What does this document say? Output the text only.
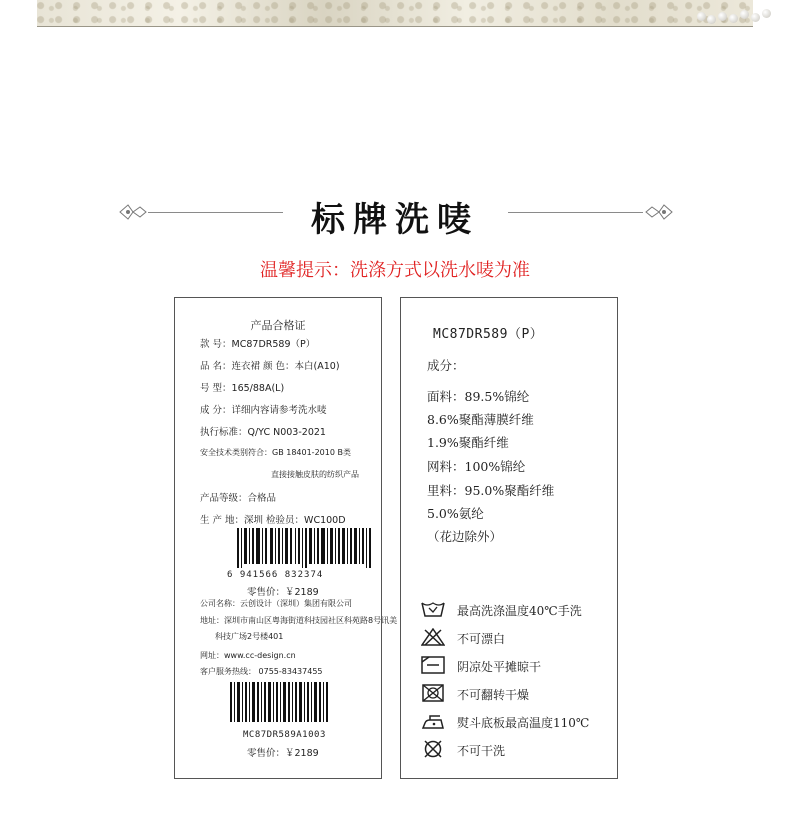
标牌洗唛
温馨提示：洗涤方式以洗水唛为准
产品合格证
款 号：MC87DR589（P）
品 名：连衣裙 颜 色：本白(A10)
号 型：165/88A(L)
成 分：详细内容请参考洗水唛
执行标准：Q/YC N003-2021
安全技术类别符合：GB 18401-2010 B类
直接接触皮肤的纺织产品
产品等级：合格品
生 产 地：深圳 检验员：WC100D
6 941566 832374
零售价：￥2189
公司名称：云创设计（深圳）集团有限公司
地址：深圳市南山区粤海街道科技园社区科苑路8号讯美
科技广场2号楼401
网址：www.cc-design.cn
客户服务热线： 0755-83437455
MC87DR589A1003
零售价：￥2189
MC87DR589（P）
成分：
面料：89.5%锦纶
8.6%聚酯薄膜纤维
1.9%聚酯纤维
网料：100%锦纶
里料：95.0%聚酯纤维
5.0%氨纶
（花边除外）
最高洗涤温度40℃手洗
不可漂白
阴凉处平摊晾干
不可翻转干燥
熨斗底板最高温度110℃
不可干洗
